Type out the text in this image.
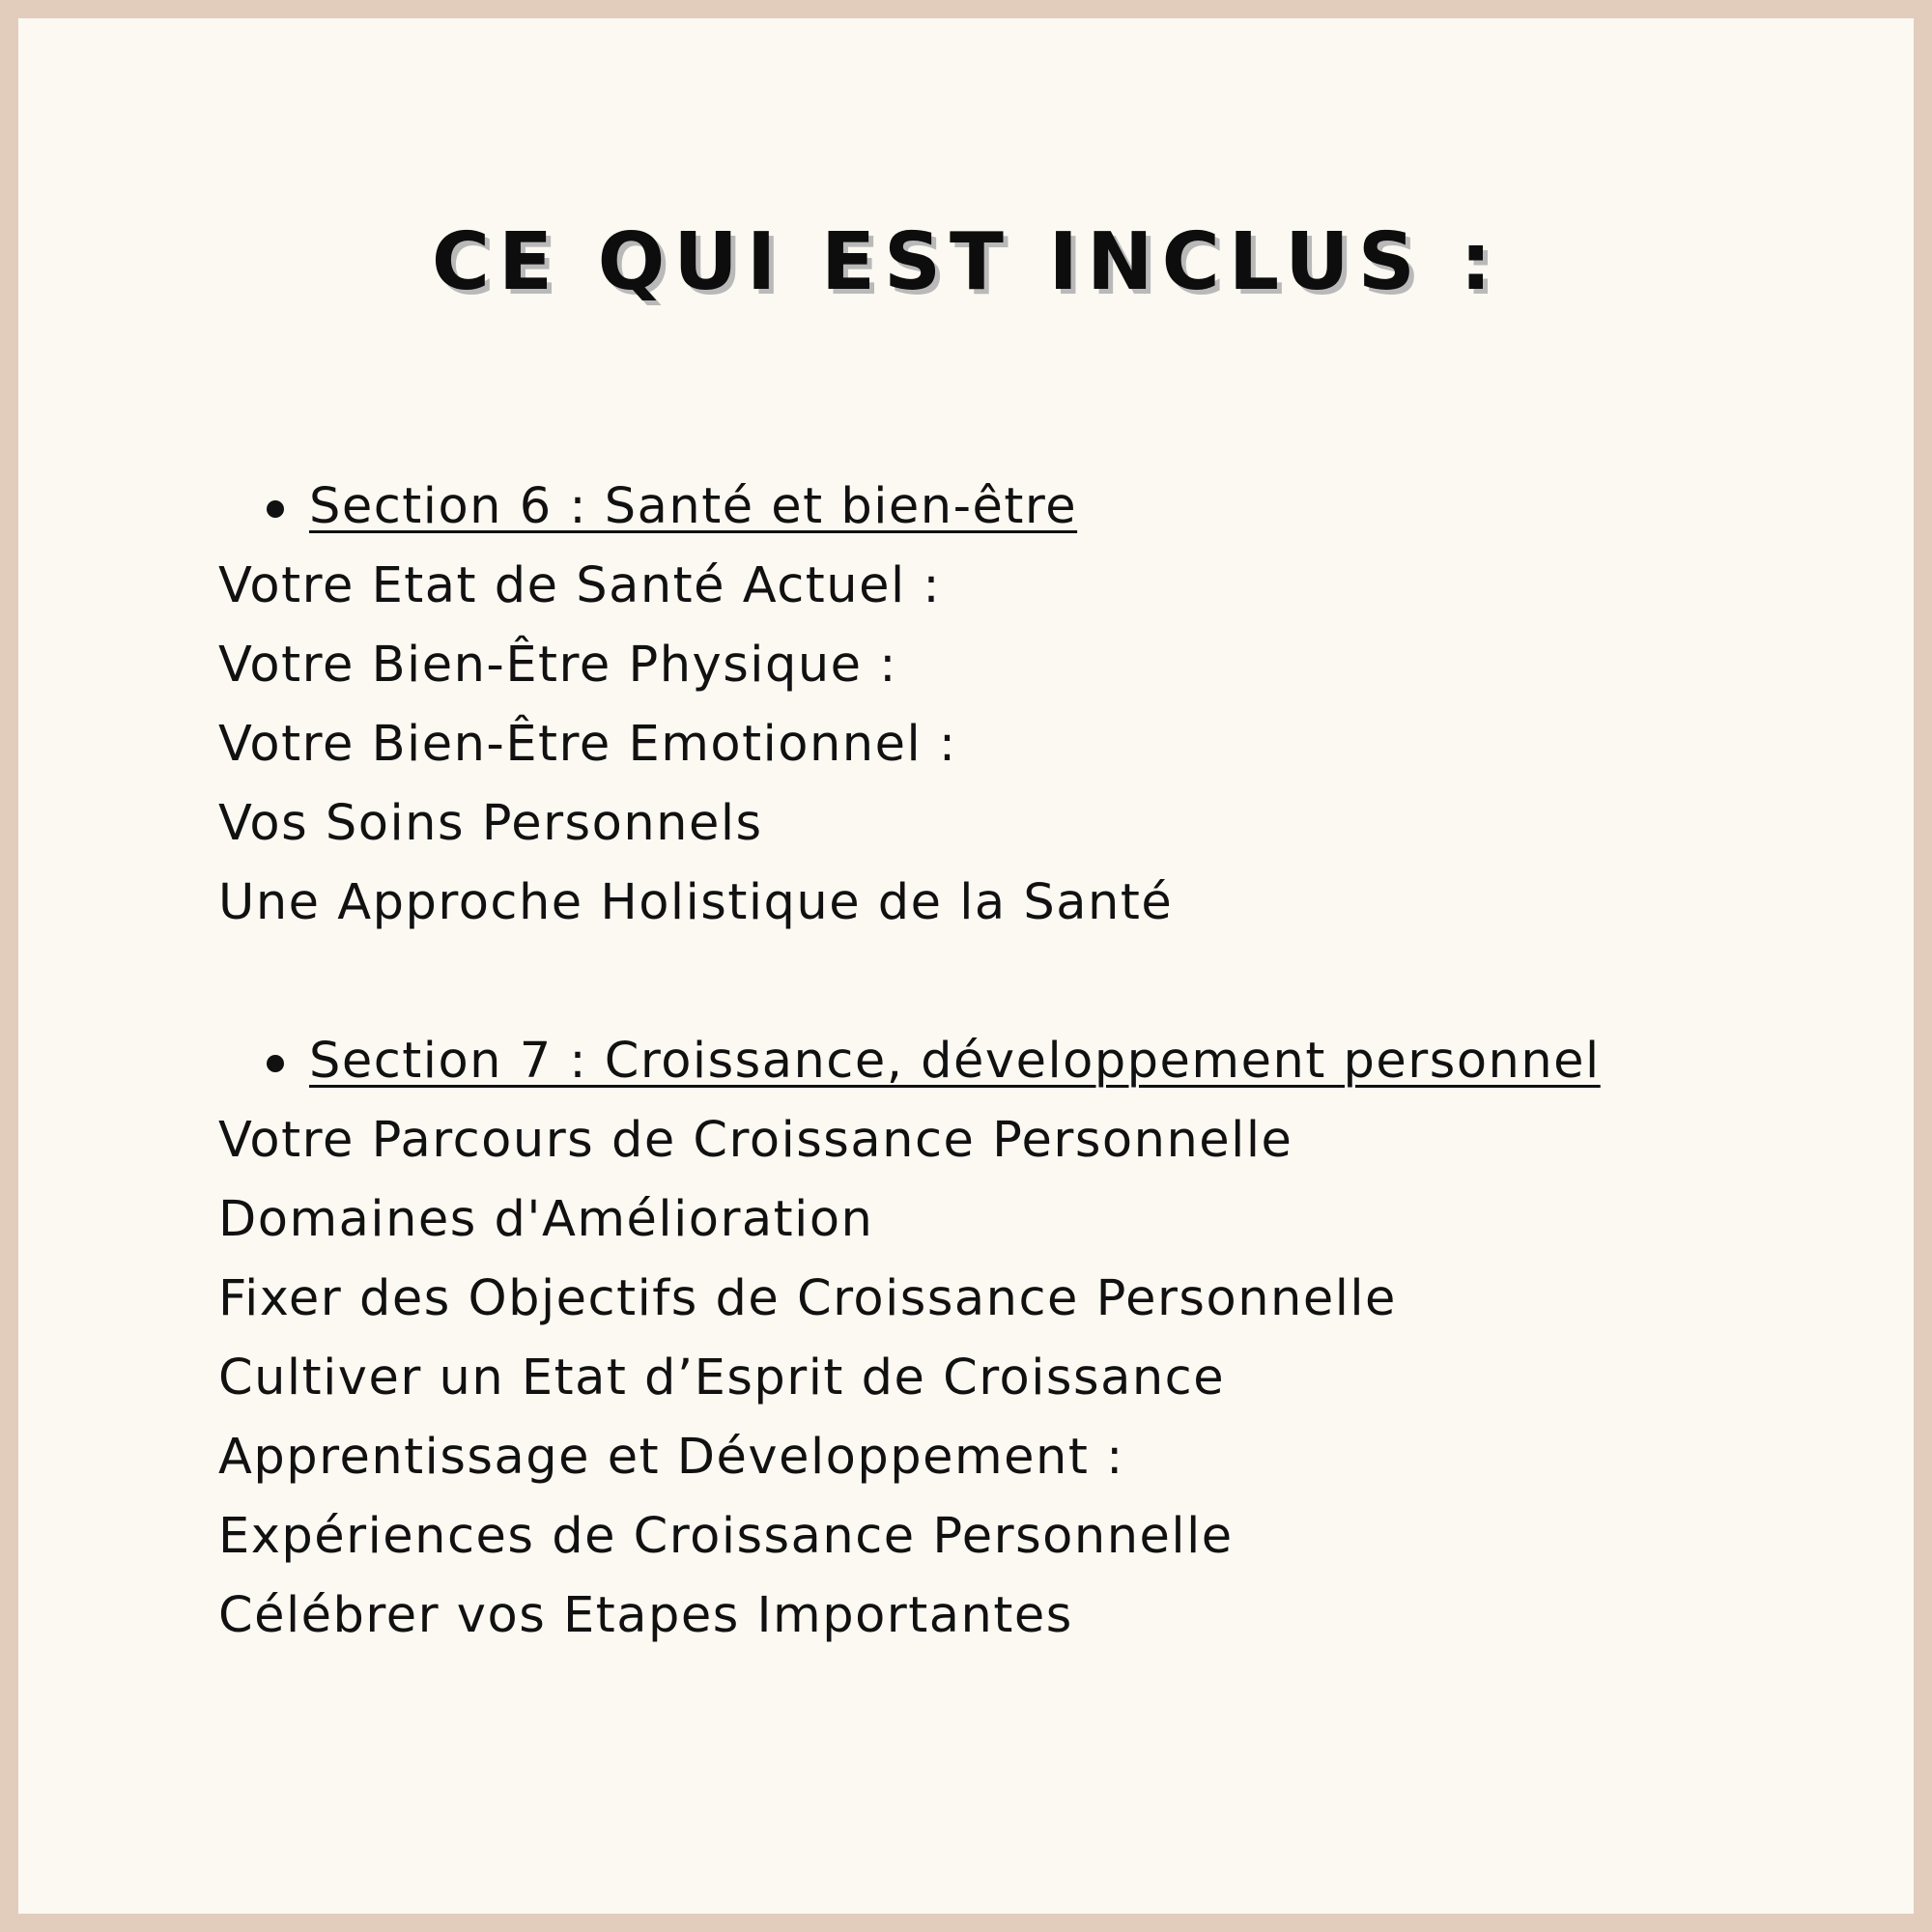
CE QUI EST INCLUS :
Section 6 : Santé et bien-être
Votre Etat de Santé Actuel :
Votre Bien-Être Physique :
Votre Bien-Être Emotionnel :
Vos Soins Personnels
Une Approche Holistique de la Santé
Section 7 : Croissance, développement personnel
Votre Parcours de Croissance Personnelle
Domaines d'Amélioration
Fixer des Objectifs de Croissance Personnelle
Cultiver un Etat d’Esprit de Croissance
Apprentissage et Développement :
Expériences de Croissance Personnelle
Célébrer vos Etapes Importantes
